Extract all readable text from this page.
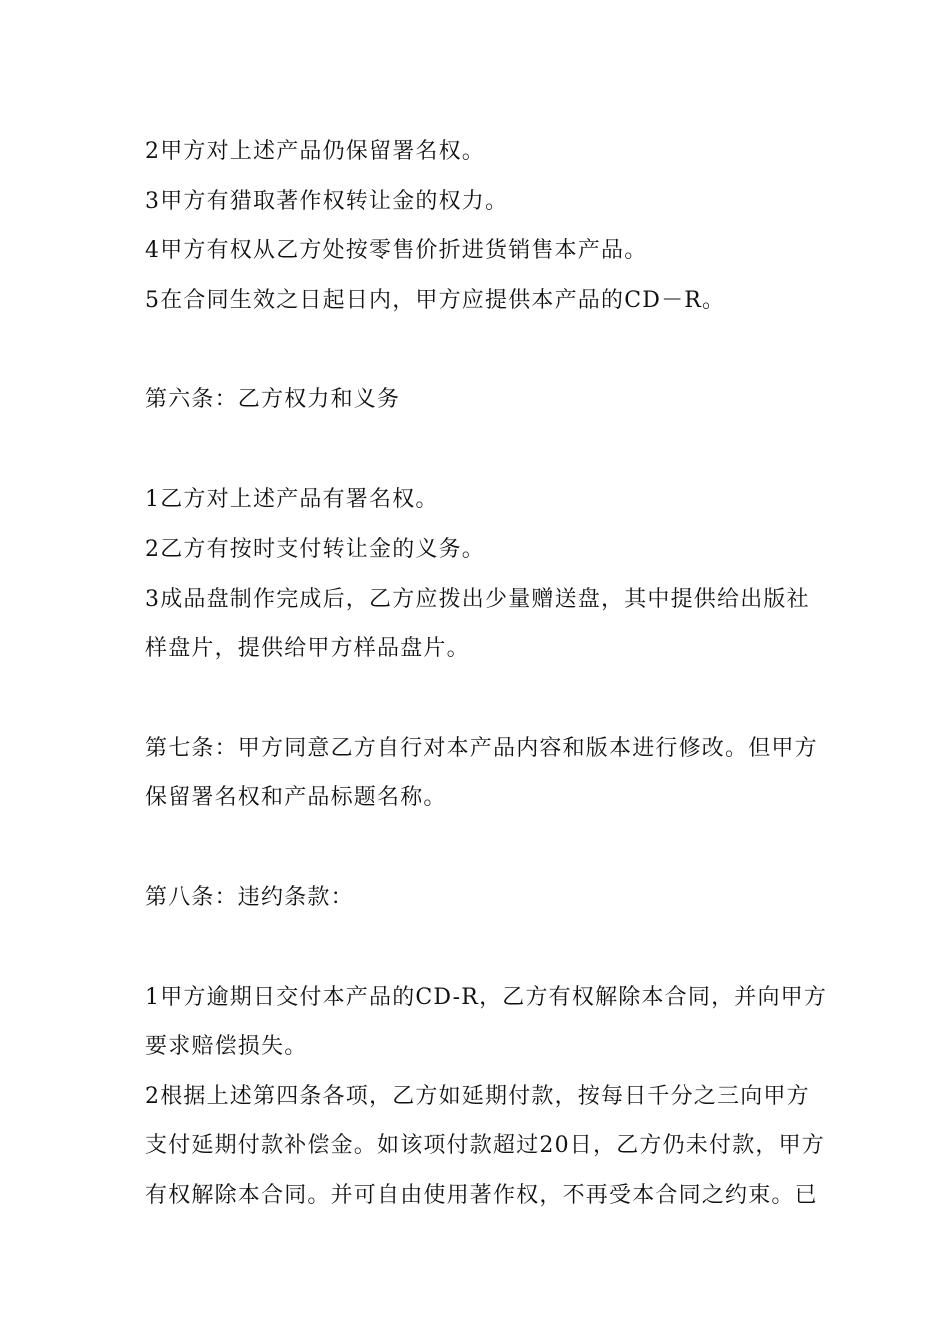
2甲方对上述产品仍保留署名权。
3甲方有猎取著作权转让金的权力。
4甲方有权从乙方处按零售价折进货销售本产品。
5在合同生效之日起日内，甲方应提供本产品的CD－R。
第六条：乙方权力和义务
1乙方对上述产品有署名权。
2乙方有按时支付转让金的义务。
3成品盘制作完成后，乙方应拨出少量赠送盘，其中提供给出版社
样盘片，提供给甲方样品盘片。
第七条：甲方同意乙方自行对本产品内容和版本进行修改。但甲方
保留署名权和产品标题名称。
第八条：违约条款：
1甲方逾期日交付本产品的CD-R，乙方有权解除本合同，并向甲方
要求赔偿损失。
2根据上述第四条各项，乙方如延期付款，按每日千分之三向甲方
支付延期付款补偿金。如该项付款超过20日，乙方仍未付款，甲方
有权解除本合同。并可自由使用著作权，不再受本合同之约束。已
